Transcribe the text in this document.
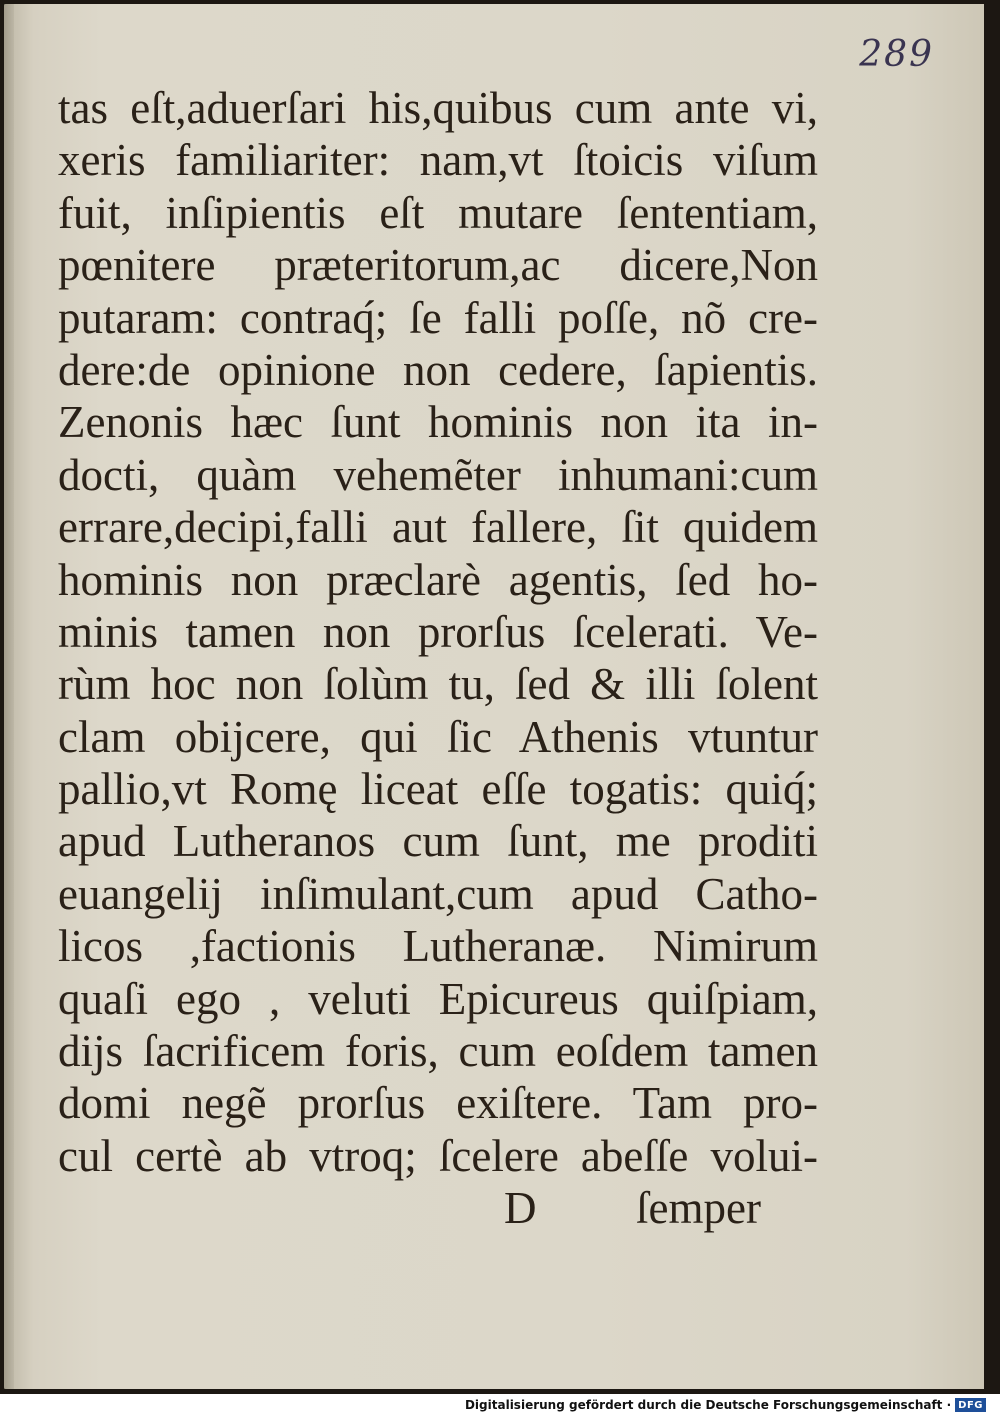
289
tas eſt,aduerſari his,quibus cum ante vi,
xeris familiariter: nam,vt ſtoicis viſum
fuit, inſipientis eſt mutare ſententiam,
pœnitere præteritorum,ac dicere,Non
putaram: contraq́; ſe falli poſſe, nõ cre-
dere:de opinione non cedere, ſapientis.
Zenonis hæc ſunt hominis non ita in-
docti, quàm vehemẽter inhumani:cum
errare,decipi,falli aut fallere, ſit quidem
hominis non præclarè agentis, ſed ho-
minis tamen non prorſus ſcelerati. Ve-
rùm hoc non ſolùm tu, ſed & illi ſolent
clam obijcere, qui ſic Athenis vtuntur
pallio,vt Romę liceat eſſe togatis: quiq́;
apud Lutheranos cum ſunt, me proditi
euangelij inſimulant,cum apud Catho-
licos ,factionis Lutheranæ. Nimirum
quaſi ego , veluti Epicureus quiſpiam,
dijs ſacrificem foris, cum eoſdem tamen
domi negẽ prorſus exiſtere. Tam pro-
cul certè ab vtroq; ſcelere abeſſe volui-
D ſemper
Digitalisierung gefördert durch die Deutsche Forschungsgemeinschaft · DFG
